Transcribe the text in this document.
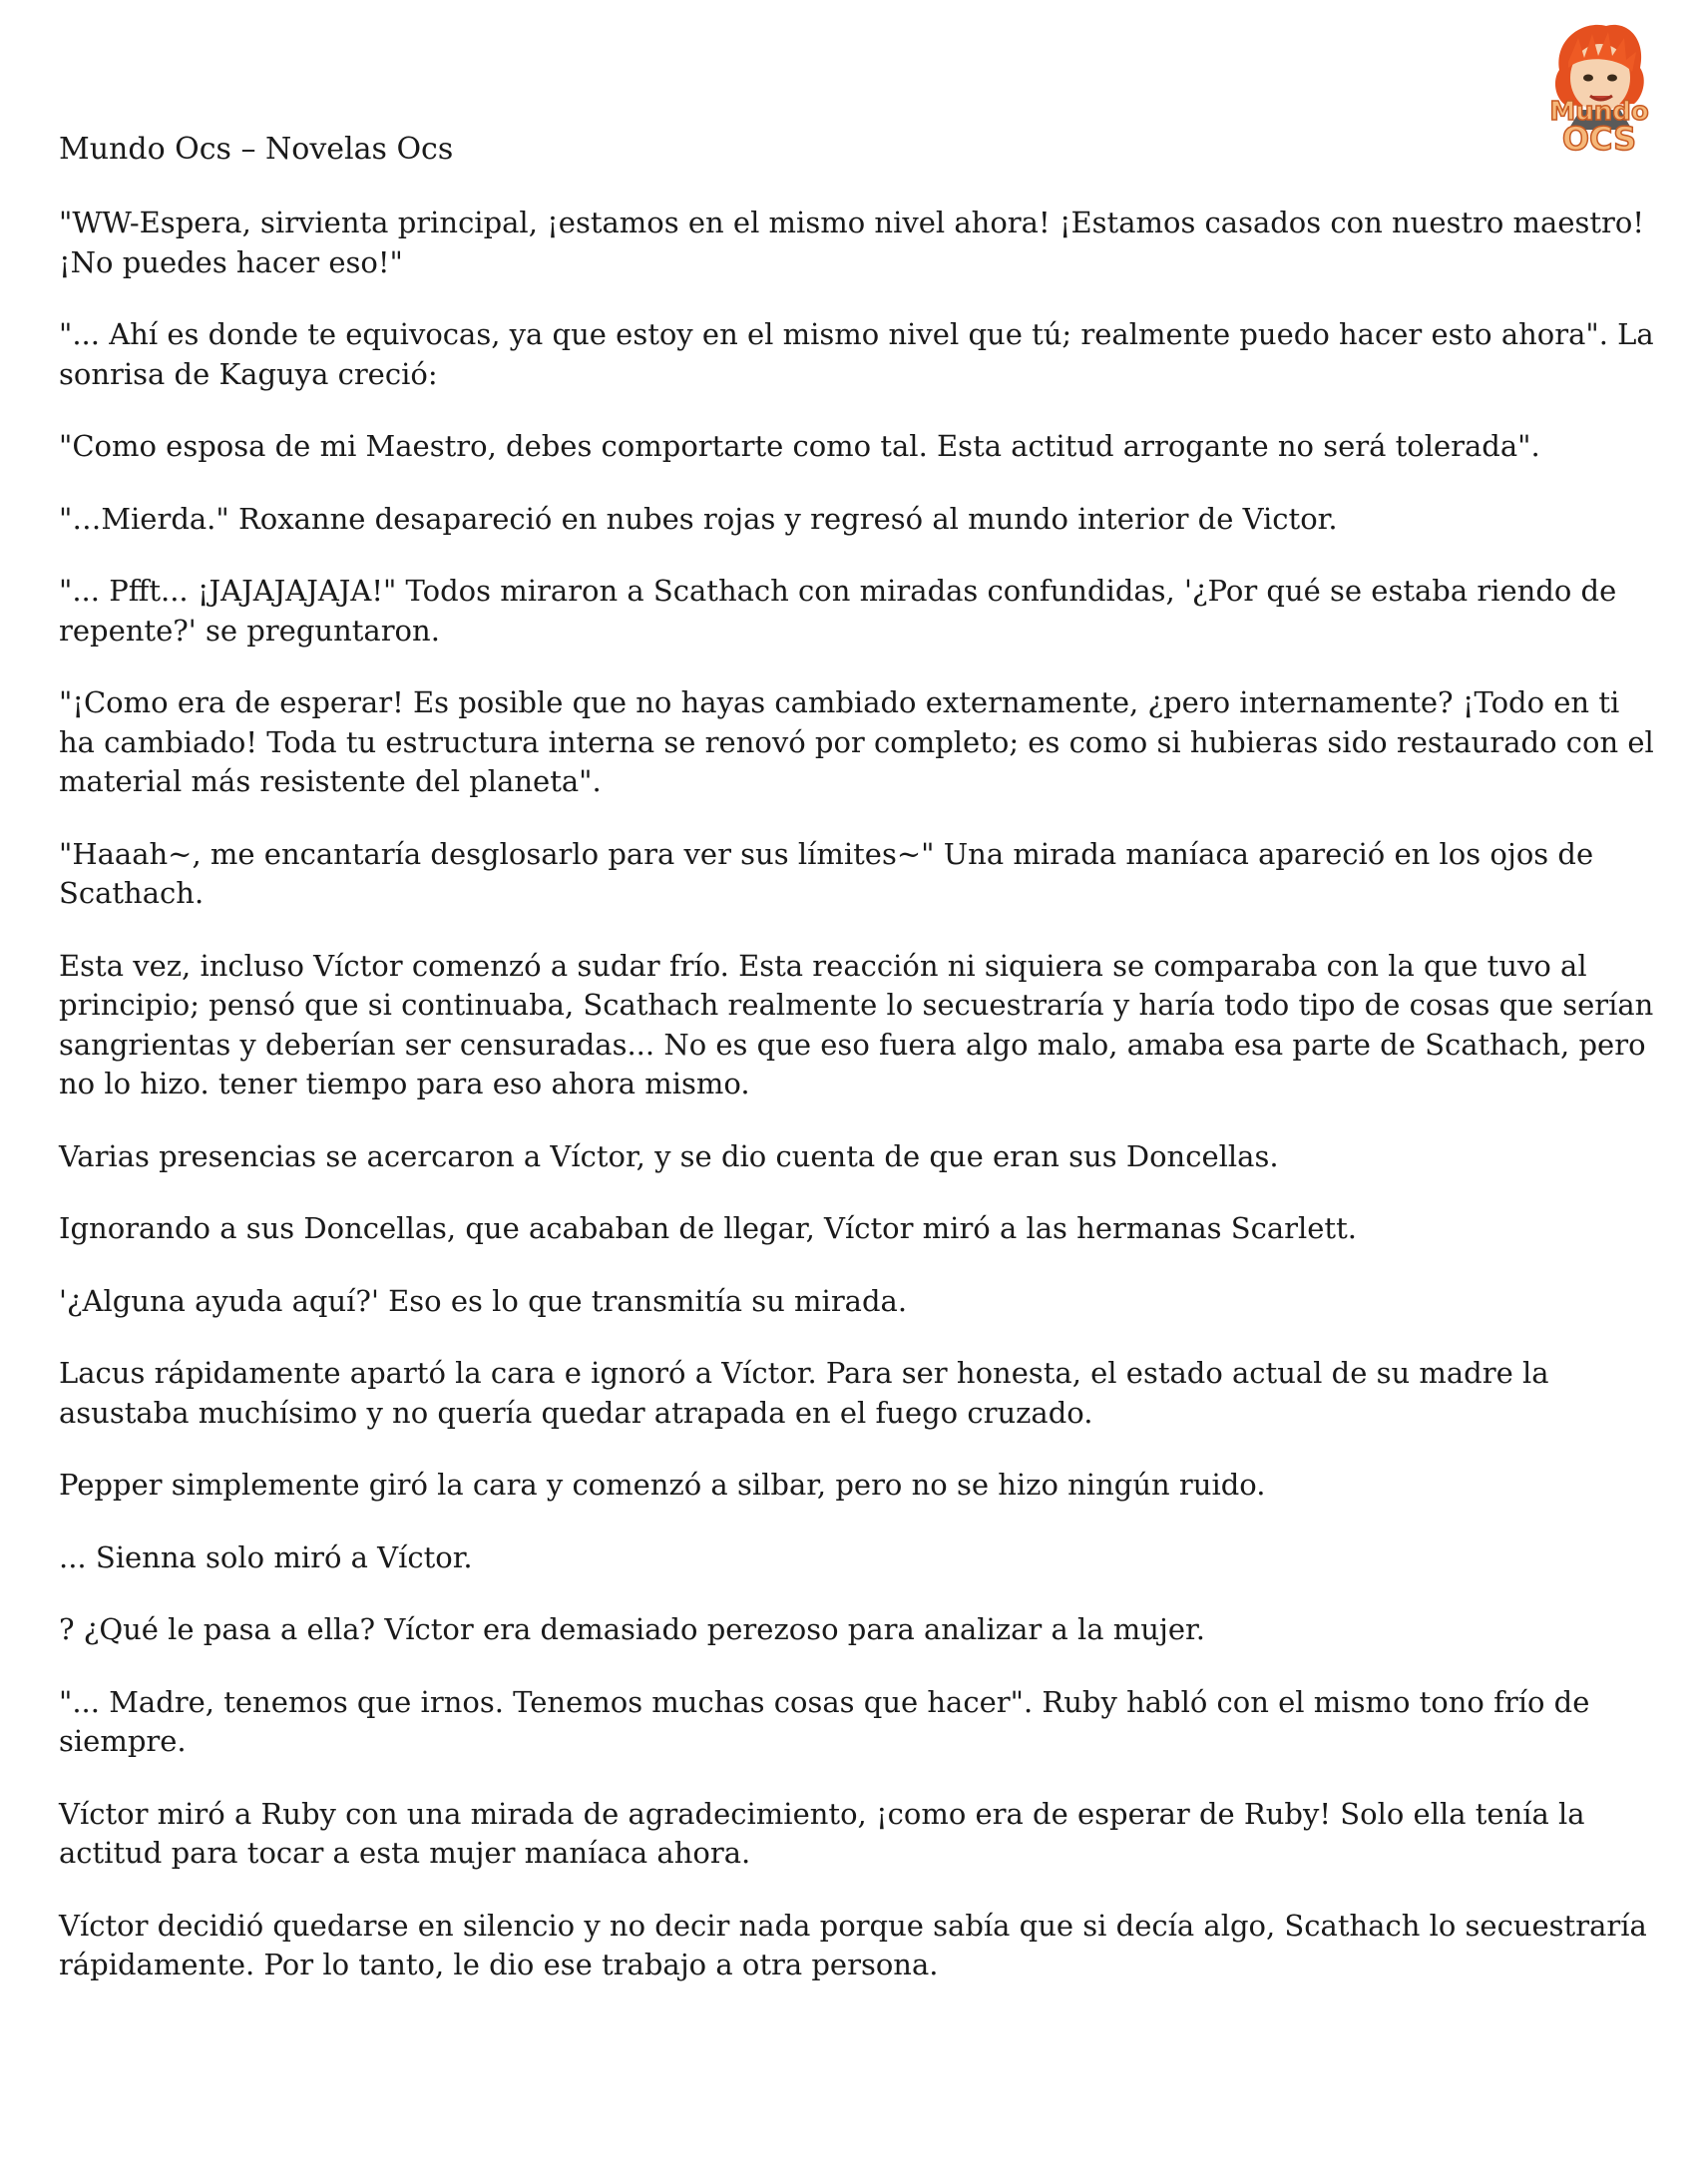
Mundo
OCS

Mundo Ocs – Novelas Ocs

"WW-Espera, sirvienta principal, ¡estamos en el mismo nivel ahora! ¡Estamos casados con nuestro maestro! ¡No puedes hacer eso!"

"... Ahí es donde te equivocas, ya que estoy en el mismo nivel que tú; realmente puedo hacer esto ahora". La sonrisa de Kaguya creció:

"Como esposa de mi Maestro, debes comportarte como tal. Esta actitud arrogante no será tolerada".

"…Mierda." Roxanne desapareció en nubes rojas y regresó al mundo interior de Victor.

"... Pfft... ¡JAJAJAJAJA!" Todos miraron a Scathach con miradas confundidas, '¿Por qué se estaba riendo de repente?' se preguntaron.

"¡Como era de esperar! Es posible que no hayas cambiado externamente, ¿pero internamente? ¡Todo en ti ha cambiado! Toda tu estructura interna se renovó por completo; es como si hubieras sido restaurado con el material más resistente del planeta".

"Haaah~, me encantaría desglosarlo para ver sus límites~" Una mirada maníaca apareció en los ojos de Scathach.

Esta vez, incluso Víctor comenzó a sudar frío. Esta reacción ni siquiera se comparaba con la que tuvo al principio; pensó que si continuaba, Scathach realmente lo secuestraría y haría todo tipo de cosas que serían sangrientas y deberían ser censuradas... No es que eso fuera algo malo, amaba esa parte de Scathach, pero no lo hizo. tener tiempo para eso ahora mismo.

Varias presencias se acercaron a Víctor, y se dio cuenta de que eran sus Doncellas.

Ignorando a sus Doncellas, que acababan de llegar, Víctor miró a las hermanas Scarlett.

'¿Alguna ayuda aquí?' Eso es lo que transmitía su mirada.

Lacus rápidamente apartó la cara e ignoró a Víctor. Para ser honesta, el estado actual de su madre la asustaba muchísimo y no quería quedar atrapada en el fuego cruzado.

Pepper simplemente giró la cara y comenzó a silbar, pero no se hizo ningún ruido.

... Sienna solo miró a Víctor.

? ¿Qué le pasa a ella? Víctor era demasiado perezoso para analizar a la mujer.

"... Madre, tenemos que irnos. Tenemos muchas cosas que hacer". Ruby habló con el mismo tono frío de siempre.

Víctor miró a Ruby con una mirada de agradecimiento, ¡como era de esperar de Ruby! Solo ella tenía la actitud para tocar a esta mujer maníaca ahora.

Víctor decidió quedarse en silencio y no decir nada porque sabía que si decía algo, Scathach lo secuestraría rápidamente. Por lo tanto, le dio ese trabajo a otra persona.
